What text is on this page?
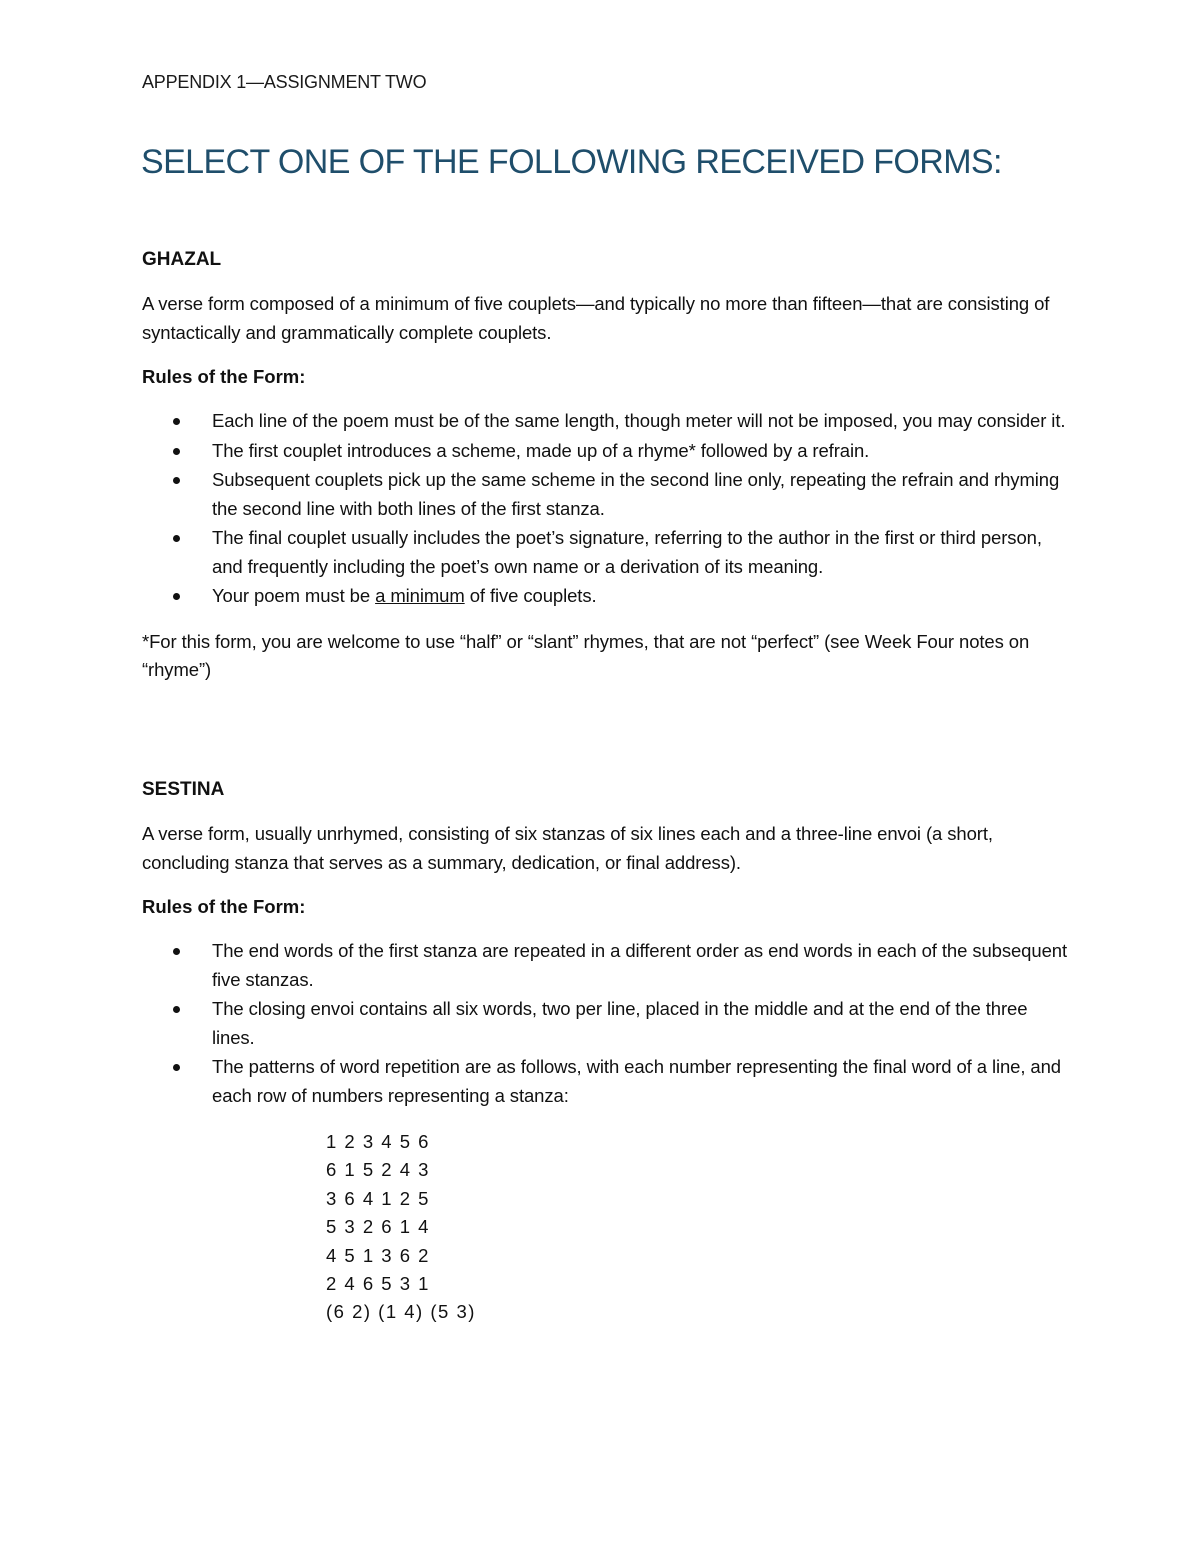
APPENDIX 1—ASSIGNMENT TWO
SELECT ONE OF THE FOLLOWING RECEIVED FORMS:

GHAZAL

A verse form composed of a minimum of five couplets—and typically no more than fifteen—that are consisting of syntactically and grammatically complete couplets.

Rules of the Form:

Each line of the poem must be of the same length, though meter will not be imposed, you may consider it.
The first couplet introduces a scheme, made up of a rhyme* followed by a refrain.
Subsequent couplets pick up the same scheme in the second line only, repeating the refrain and rhyming the second line with both lines of the first stanza.
The final couplet usually includes the poet’s signature, referring to the author in the first or third person, and frequently including the poet’s own name or a derivation of its meaning.
Your poem must be a minimum of five couplets.

*For this form, you are welcome to use “half” or “slant” rhymes, that are not “perfect” (see Week Four notes on “rhyme”)

SESTINA

A verse form, usually unrhymed, consisting of six stanzas of six lines each and a three-line envoi (a short, concluding stanza that serves as a summary, dedication, or final address).

Rules of the Form:

The end words of the first stanza are repeated in a different order as end words in each of the subsequent five stanzas.
The closing envoi contains all six words, two per line, placed in the middle and at the end of the three lines.
The patterns of word repetition are as follows, with each number representing the final word of a line, and each row of numbers representing a stanza:
1 2 3 4 5 6
6 1 5 2 4 3
3 6 4 1 2 5
5 3 2 6 1 4
4 5 1 3 6 2
2 4 6 5 3 1
(6 2) (1 4) (5 3)
